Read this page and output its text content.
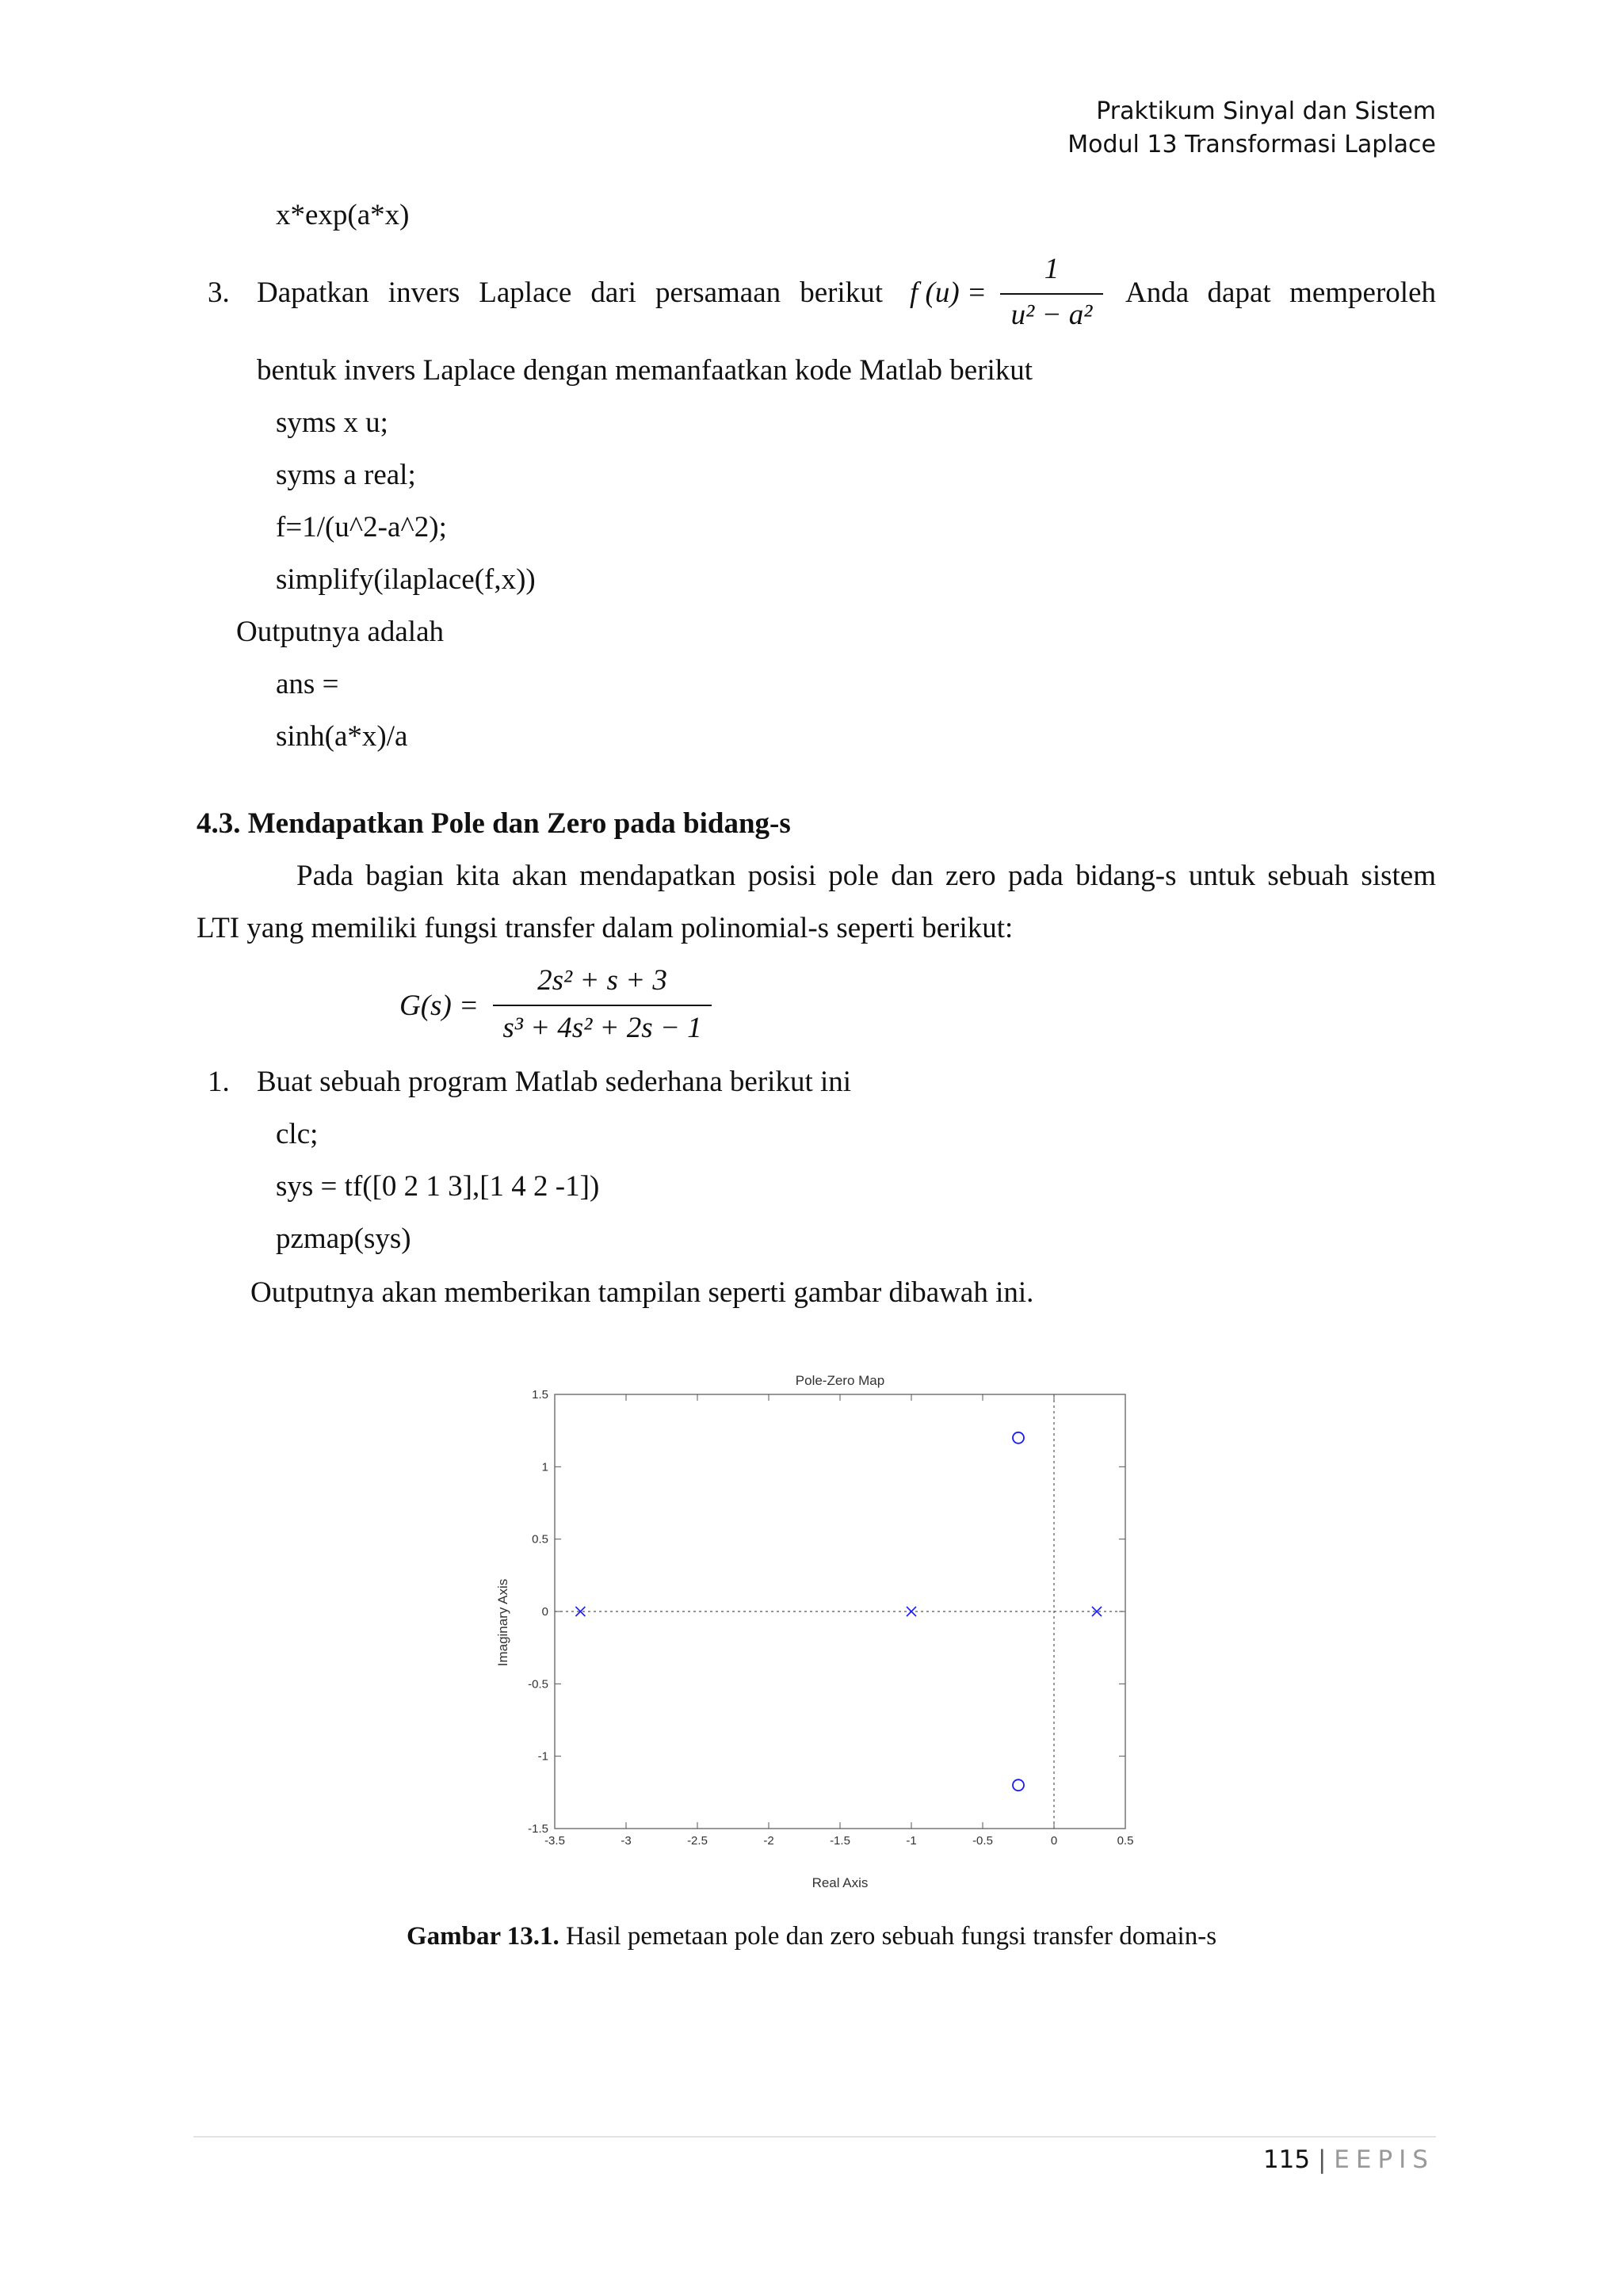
Praktikum Sinyal dan Sistem
Modul 13 Transformasi Laplace
x*exp(a*x)
3. Dapatkan invers Laplace dari persamaan berikut f (u) =
1
u² − a²
Anda dapat memperoleh
bentuk invers Laplace dengan memanfaatkan kode Matlab berikut
syms x u;
syms a real;
f=1/(u^2-a^2);
simplify(ilaplace(f,x))
Outputnya adalah
ans =
sinh(a*x)/a
4.3. Mendapatkan Pole dan Zero pada bidang-s
Pada bagian kita akan mendapatkan posisi pole dan zero pada bidang-s untuk sebuah sistem
LTI yang memiliki fungsi transfer dalam polinomial-s seperti berikut:
G(s) =
2s² + s + 3
s³ + 4s² + 2s − 1
1. Buat sebuah program Matlab sederhana berikut ini
clc;
sys = tf([0 2 1 3],[1 4 2 -1])
pzmap(sys)
Outputnya akan memberikan tampilan seperti gambar dibawah ini.
-3.5	-3	-2.5	-2	-1.5	-1	-0.5	0	0.5
1.5
1
0.5
0
-0.5
-1
-1.5
Pole-Zero Map
Real Axis
Imaginary Axis
Gambar 13.1. Hasil pemetaan pole dan zero sebuah fungsi transfer domain-s
115 | EEPIS
